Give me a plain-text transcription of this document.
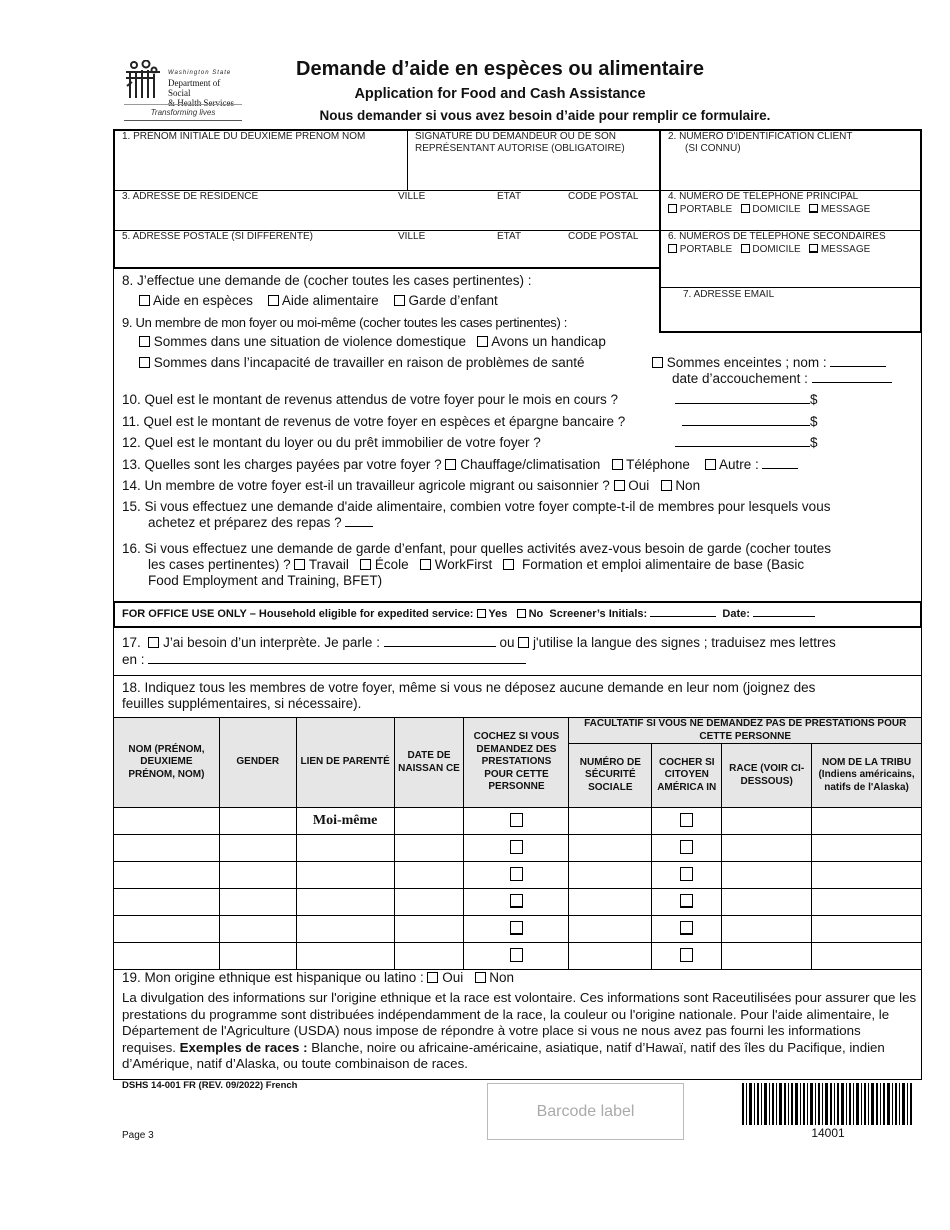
Washington State
Department of Social
& Health Services
Transforming lives
Demande d’aide en espèces ou alimentaire
Application for Food and Cash Assistance
Nous demander si vous avez besoin d’aide pour remplir ce formulaire.
1. PRÉNOM INITIALE DU DEUXIEME PRÉNOM NOM	SIGNATURE DU DEMANDEUR OU DE SON
REPRÉSENTANT AUTORISE (OBLIGATOIRE)
2. NUMERO D'IDENTIFICATION CLIENT
(SI CONNU)
3. ADRESSE DE RÉSIDENCE	VILLE	ÉTAT	CODE POSTAL	4. NUMÉRO DE TÉLÉPHONE PRINCIPAL
PORTABLE DOMICILE MESSAGE
5. ADRESSE POSTALE (SI DIFFÉRENTE)	VILLE	ÉTAT	CODE POSTAL	6. NUMÉROS DE TÉLÉPHONE SECONDAIRES
PORTABLE DOMICILE MESSAGE
7. ADRESSE EMAIL
8. J’effectue une demande de (cocher toutes les cases pertinentes) :
Aide en espèces Aide alimentaire Garde d’enfant
9. Un membre de mon foyer ou moi-même (cocher toutes les cases pertinentes) :
Sommes dans une situation de violence domestique Avons un handicap
Sommes dans l’incapacité de travailler en raison de problèmes de santé	Sommes enceintes ; nom :
date d’accouchement :
10. Quel est le montant de revenus attendus de votre foyer pour le mois en cours ?	$
11. Quel est le montant de revenus de votre foyer en espèces et épargne bancaire ?	$
12. Quel est le montant du loyer ou du prêt immobilier de votre foyer ?	$
13. Quelles sont les charges payées par votre foyer ? Chauffage/climatisation Téléphone Autre :
14. Un membre de votre foyer est-il un travailleur agricole migrant ou saisonnier ? Oui Non
15. Si vous effectuez une demande d'aide alimentaire, combien votre foyer compte-t-il de membres pour lesquels vous
achetez et préparez des repas ?
16. Si vous effectuez une demande de garde d’enfant, pour quelles activités avez-vous besoin de garde (cocher toutes
les cases pertinentes) ? Travail École WorkFirst Formation et emploi alimentaire de base (Basic
Food Employment and Training, BFET)
FOR OFFICE USE ONLY – Household eligible for expedited service: Yes No Screener’s Initials:	Date:
17. J’ai besoin d’un interprète. Je parle :	ou j'utilise la langue des signes ; traduisez mes lettres
en :
18. Indiquez tous les membres de votre foyer, même si vous ne déposez aucune demande en leur nom (joignez des
feuilles supplémentaires, si nécessaire).
NOM (PRÉNOM, DEUXIEME PRÉNOM, NOM)	GENDER	LIEN DE PARENTÉ	DATE DE NAISSAN CE	COCHEZ SI VOUS DEMANDEZ DES PRESTATIONS POUR CETTE PERSONNE	FACULTATIF SI VOUS NE DEMANDEZ PAS DE PRESTATIONS POUR CETTE PERSONNE			
					NUMÉRO DE SÉCURITÉ SOCIALE	COCHER SI CITOYEN AMÉRICA IN	RACE (VOIR CI-DESSOUS)	NOM DE LA TRIBU (Indiens américains, natifs de l'Alaska)
		Moi-même						

19. Mon origine ethnique est hispanique ou latino : Oui Non
La divulgation des informations sur l'origine ethnique et la race est volontaire. Ces informations sont Raceutilisées pour assurer que les prestations du programme sont distribuées indépendamment de la race, la couleur ou l'origine nationale. Pour l'aide alimentaire, le Département de l'Agriculture (USDA) nous impose de répondre à votre place si vous ne nous avez pas fourni les informations requises. Exemples de races : Blanche, noire ou africaine-américaine, asiatique, natif d’Hawaï, natif des îles du Pacifique, indien d’Amérique, natif d’Alaska, ou toute combinaison de races.
DSHS 14-001 FR (REV. 09/2022) French
Page 3
Barcode label
14001
